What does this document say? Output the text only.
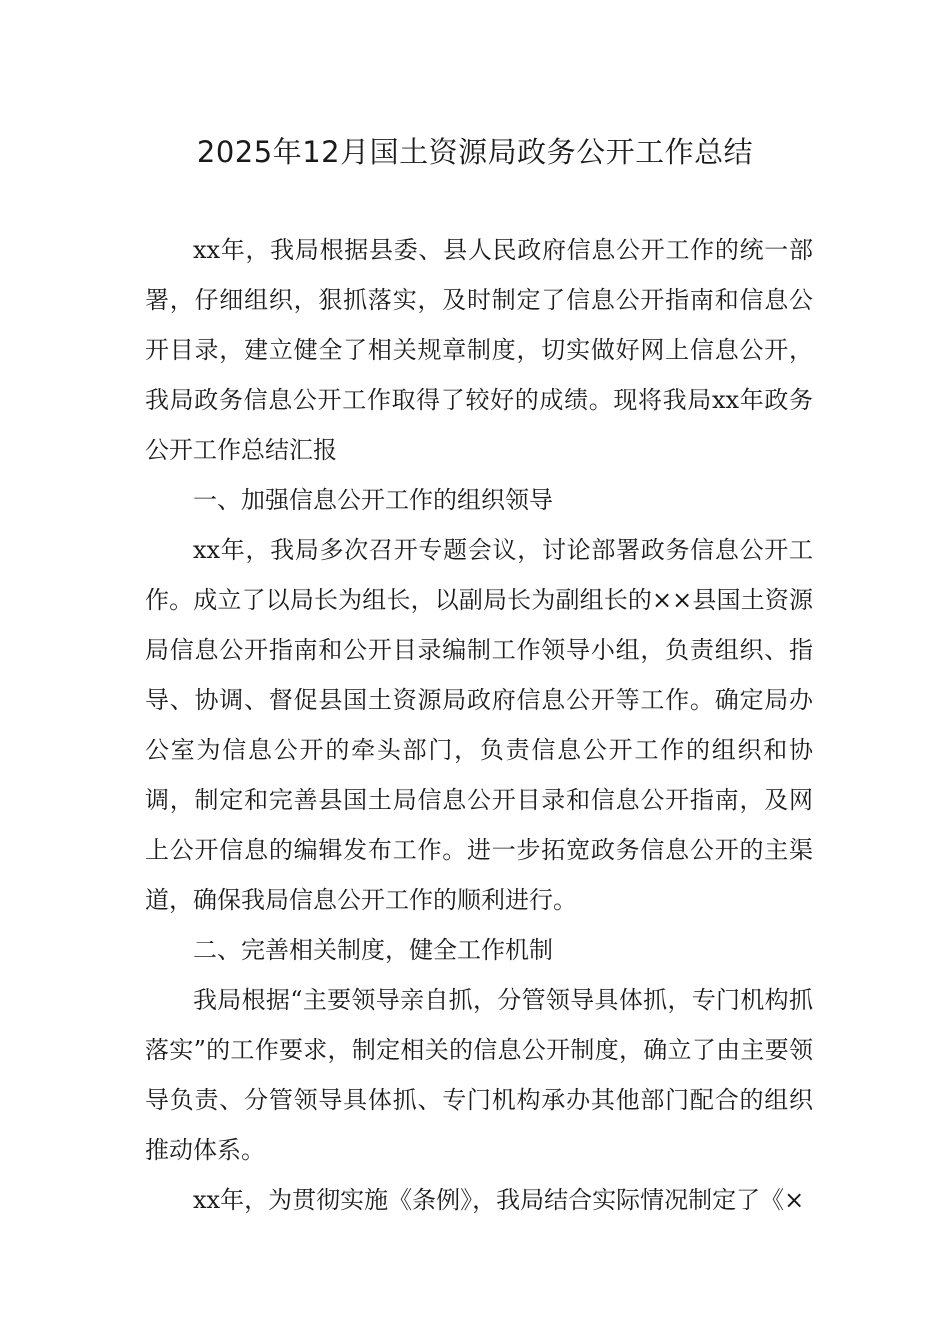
2025年12月国土资源局政务公开工作总结

xx年，我局根据县委、县人民政府信息公开工作的统一部署，仔细组织，狠抓落实，及时制定了信息公开指南和信息公开目录，建立健全了相关规章制度，切实做好网上信息公开，我局政务信息公开工作取得了较好的成绩。现将我局xx年政务公开工作总结汇报

一、加强信息公开工作的组织领导

xx年，我局多次召开专题会议，讨论部署政务信息公开工作。成立了以局长为组长，以副局长为副组长的××县国土资源局信息公开指南和公开目录编制工作领导小组，负责组织、指导、协调、督促县国土资源局政府信息公开等工作。确定局办公室为信息公开的牵头部门，负责信息公开工作的组织和协调，制定和完善县国土局信息公开目录和信息公开指南，及网上公开信息的编辑发布工作。进一步拓宽政务信息公开的主渠道，确保我局信息公开工作的顺利进行。

二、完善相关制度，健全工作机制

我局根据“主要领导亲自抓，分管领导具体抓，专门机构抓落实”的工作要求，制定相关的信息公开制度，确立了由主要领导负责、分管领导具体抓、专门机构承办其他部门配合的组织推动体系。

xx年，为贯彻实施《条例》，我局结合实际情况制定了《×
